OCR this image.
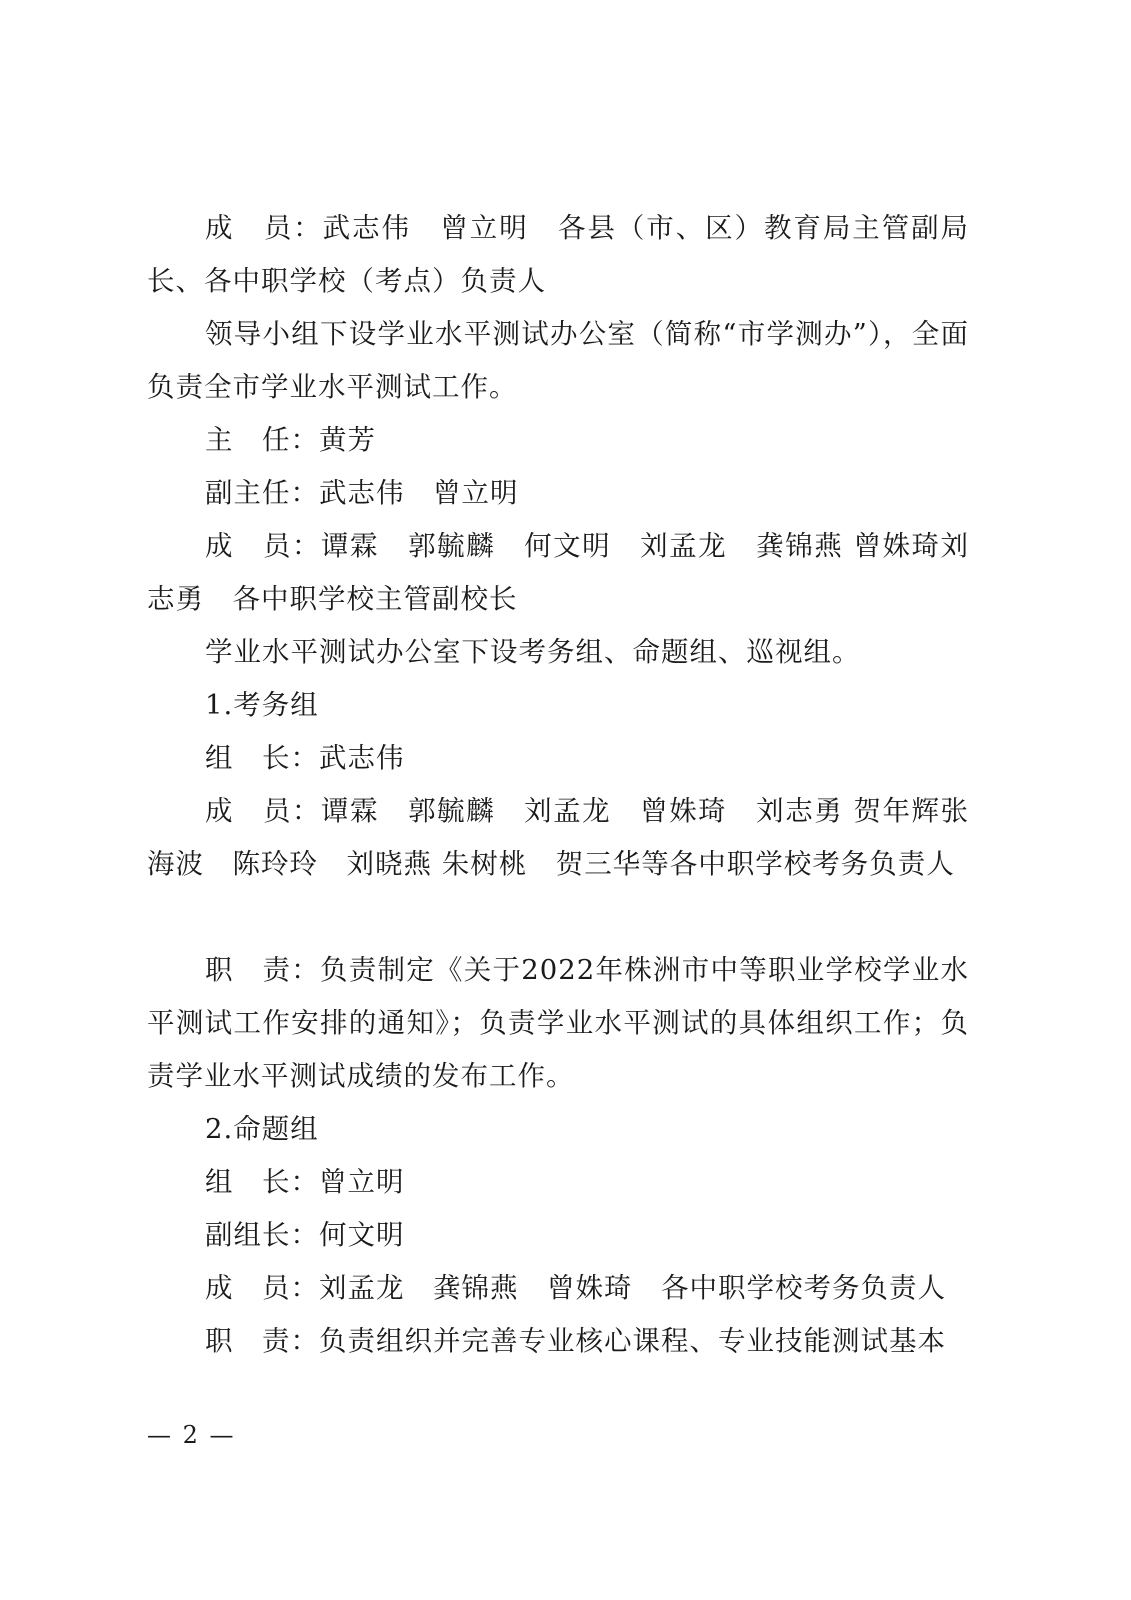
成　员：武志伟　曾立明　各县（市、区）教育局主管副局长、各中职学校（考点）负责人

领导小组下设学业水平测试办公室（简称“市学测办”），全面负责全市学业水平测试工作。

主　任：黄芳

副主任：武志伟　曾立明

成　员：谭霖　郭毓麟　何文明　刘孟龙　龚锦燕 曾姝琦刘志勇　各中职学校主管副校长

学业水平测试办公室下设考务组、命题组、巡视组。

1.考务组

组　长：武志伟

成　员：谭霖　郭毓麟　刘孟龙　曾姝琦　刘志勇 贺年辉张海波　陈玲玲　刘晓燕 朱树桃　贺三华等各中职学校考务负责人

职　责：负责制定《关于2022年株洲市中等职业学校学业水平测试工作安排的通知》；负责学业水平测试的具体组织工作；负责学业水平测试成绩的发布工作。

2.命题组

组　长：曾立明

副组长：何文明

成　员：刘孟龙　龚锦燕　曾姝琦　各中职学校考务负责人

职　责：负责组织并完善专业核心课程、专业技能测试基本

— 2 —
